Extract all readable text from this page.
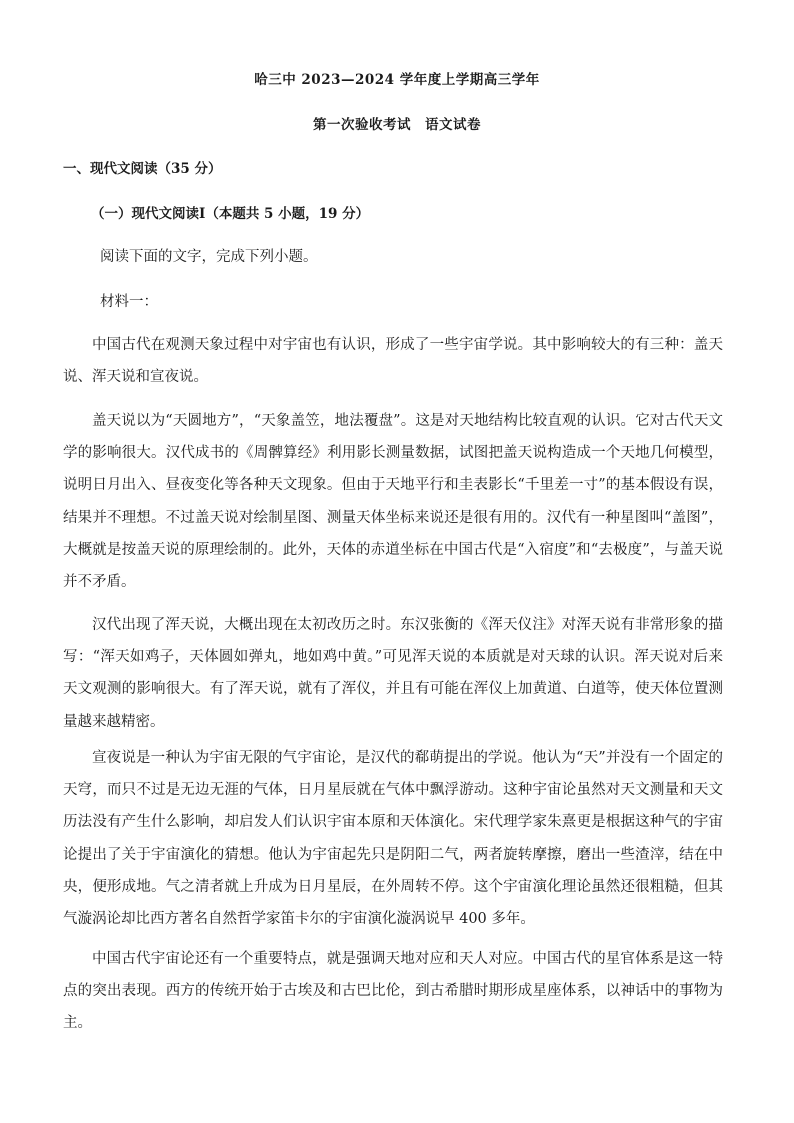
哈三中 2023—2024 学年度上学期高三学年
第一次验收考试　语文试卷
一、现代文阅读（35 分）
（一）现代文阅读Ⅰ（本题共 5 小题，19 分）
阅读下面的文字，完成下列小题。
材料一：

中国古代在观测天象过程中对宇宙也有认识，形成了一些宇宙学说。其中影响较大的有三种：盖天说、浑天说和宣夜说。

盖天说以为“天圆地方”，“天象盖笠，地法覆盘”。这是对天地结构比较直观的认识。它对古代天文学的影响很大。汉代成书的《周髀算经》利用影长测量数据，试图把盖天说构造成一个天地几何模型，说明日月出入、昼夜变化等各种天文现象。但由于天地平行和圭表影长“千里差一寸”的基本假设有误，结果并不理想。不过盖天说对绘制星图、测量天体坐标来说还是很有用的。汉代有一种星图叫“盖图”，大概就是按盖天说的原理绘制的。此外，天体的赤道坐标在中国古代是“入宿度”和“去极度”，与盖天说并不矛盾。

汉代出现了浑天说，大概出现在太初改历之时。东汉张衡的《浑天仪注》对浑天说有非常形象的描写：“浑天如鸡子，天体圆如弹丸，地如鸡中黄。”可见浑天说的本质就是对天球的认识。浑天说对后来天文观测的影响很大。有了浑天说，就有了浑仪，并且有可能在浑仪上加黄道、白道等，使天体位置测量越来越精密。

宣夜说是一种认为宇宙无限的气宇宙论，是汉代的郗萌提出的学说。他认为“天”并没有一个固定的天穹，而只不过是无边无涯的气体，日月星辰就在气体中飘浮游动。这种宇宙论虽然对天文测量和天文历法没有产生什么影响，却启发人们认识宇宙本原和天体演化。宋代理学家朱熹更是根据这种气的宇宙论提出了关于宇宙演化的猜想。他认为宇宙起先只是阴阳二气，两者旋转摩擦，磨出一些渣滓，结在中央，便形成地。气之清者就上升成为日月星辰，在外周转不停。这个宇宙演化理论虽然还很粗糙，但其气漩涡论却比西方著名自然哲学家笛卡尔的宇宙演化漩涡说早 400 多年。

中国古代宇宙论还有一个重要特点，就是强调天地对应和天人对应。中国古代的星官体系是这一特点的突出表现。西方的传统开始于古埃及和古巴比伦，到古希腊时期形成星座体系，以神话中的事物为主。
